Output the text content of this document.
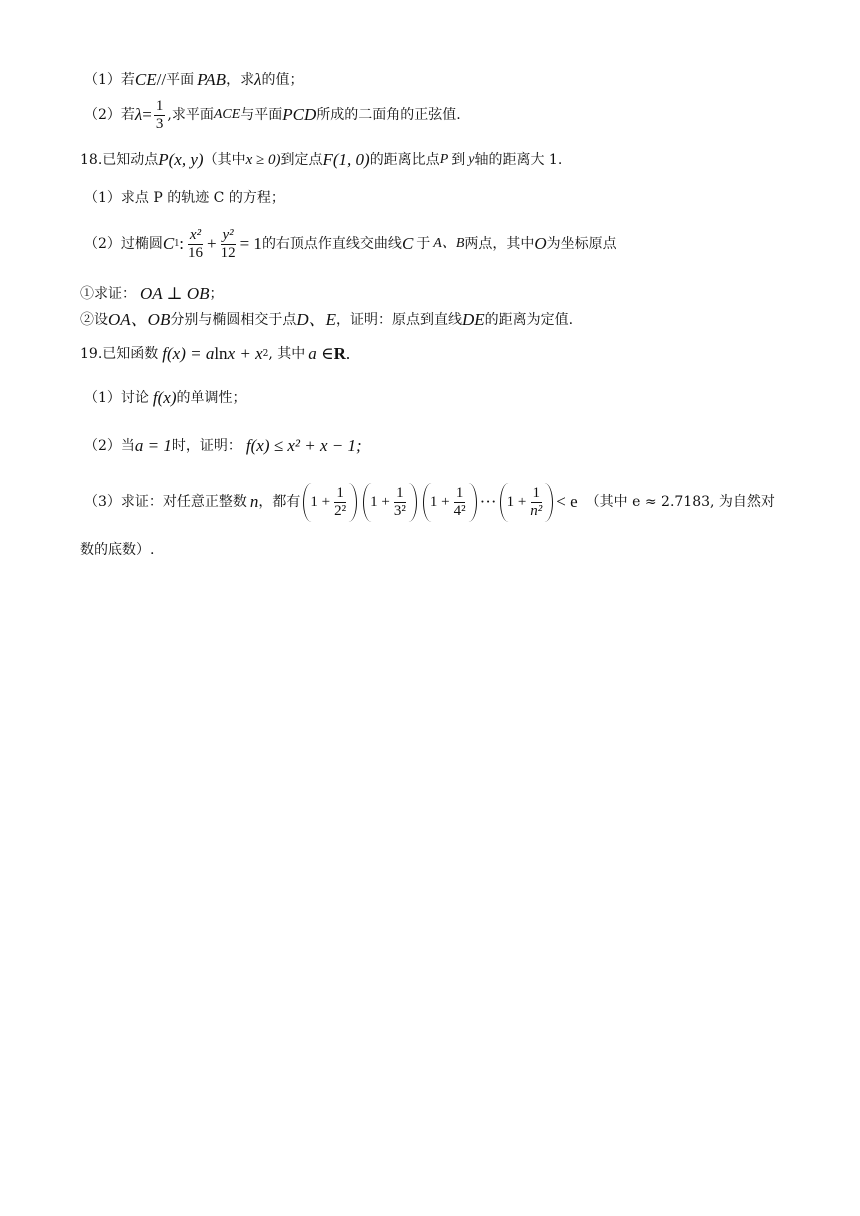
（1）若 CE // 平面 PAB ，求 λ 的值；
（2）若 $\lambda = \frac{1}{3}$ ,求平面 ACE 与平面 PCD 所成的二面角的正弦值.
18.已知动点 P(x, y) （其中 x ≥ 0) 到定点 F(1, 0) 的距离比点 P 到 y 轴的距离大 1.
（1）求点 P 的轨迹 C 的方程；
（2）过椭圆 C 1 : $\frac{\text{x²}}{16} + \frac{\text{y²}}{12} = 1$ 的右顶点作直线交曲线 C 于 A、B 两点，其中 O 为坐标原点
①求证： OA ⊥ OB ；
②设 OA、OB 分别与椭圆相交于点 D、E ，证明：原点到直线 DE 的距离为定值.
19.已知函数 f(x) = a ln x + x 2 , 其中 a ∈ R .
（1）讨论 f(x) 的单调性；
（2）当 a = 1 时，证明： f(x) ≤ x² + x − 1;
（3）求证：对任意正整数 n ，都有 $1 + \frac{1}{\text{2²}} 1 + \frac{1}{\text{3²}} 1 + \frac{1}{\text{4²}}$ ··· $1 + \frac{1}{\text{n²}} < e$ （其中 e ≈ 2.7183, 为自然对
数的底数）.
